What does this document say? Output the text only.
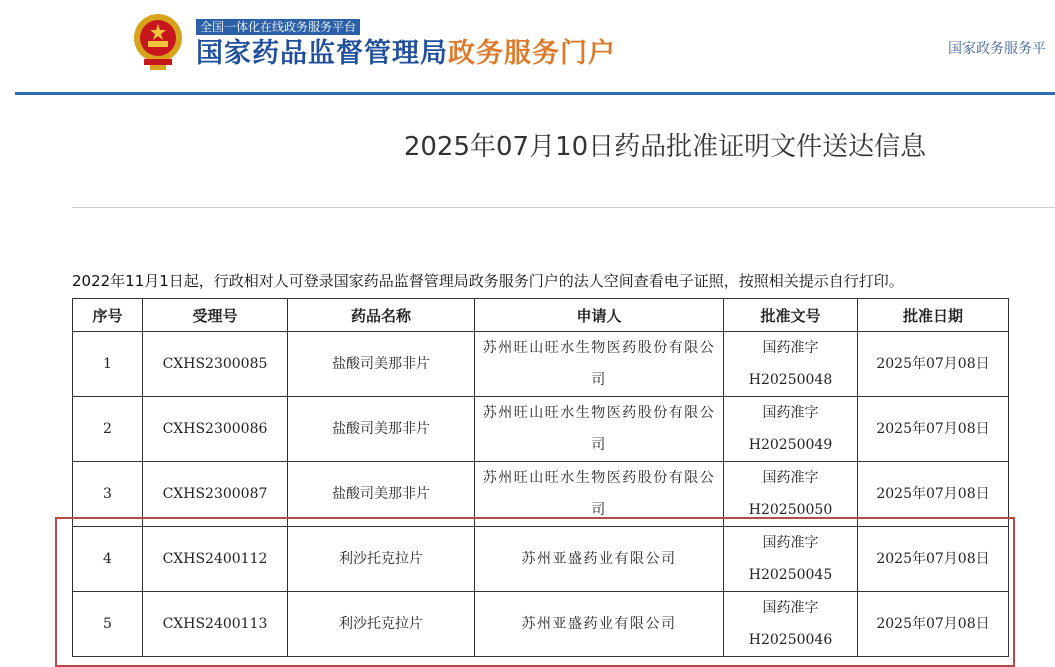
全国一体化在线政务服务平台
国家药品监督管理局政务服务门户	国家政务服务平
2025年07月10日药品批准证明文件送达信息
2022年11月1日起，行政相对人可登录国家药品监督管理局政务服务门户的法人空间查看电子证照，按照相关提示自行打印。
序号	受理号	药品名称	申请人	批准文号	批准日期
1	CXHS2300085	盐酸司美那非片	苏州旺山旺水生物医药股份有限公司	国药准字H20250048	2025年07月08日
2	CXHS2300086	盐酸司美那非片	苏州旺山旺水生物医药股份有限公司	国药准字H20250049	2025年07月08日
3	CXHS2300087	盐酸司美那非片	苏州旺山旺水生物医药股份有限公司	国药准字H20250050	2025年07月08日
4	CXHS2400112	利沙托克拉片	苏州亚盛药业有限公司	国药准字H20250045	2025年07月08日
5	CXHS2400113	利沙托克拉片	苏州亚盛药业有限公司	国药准字H20250046	2025年07月08日
